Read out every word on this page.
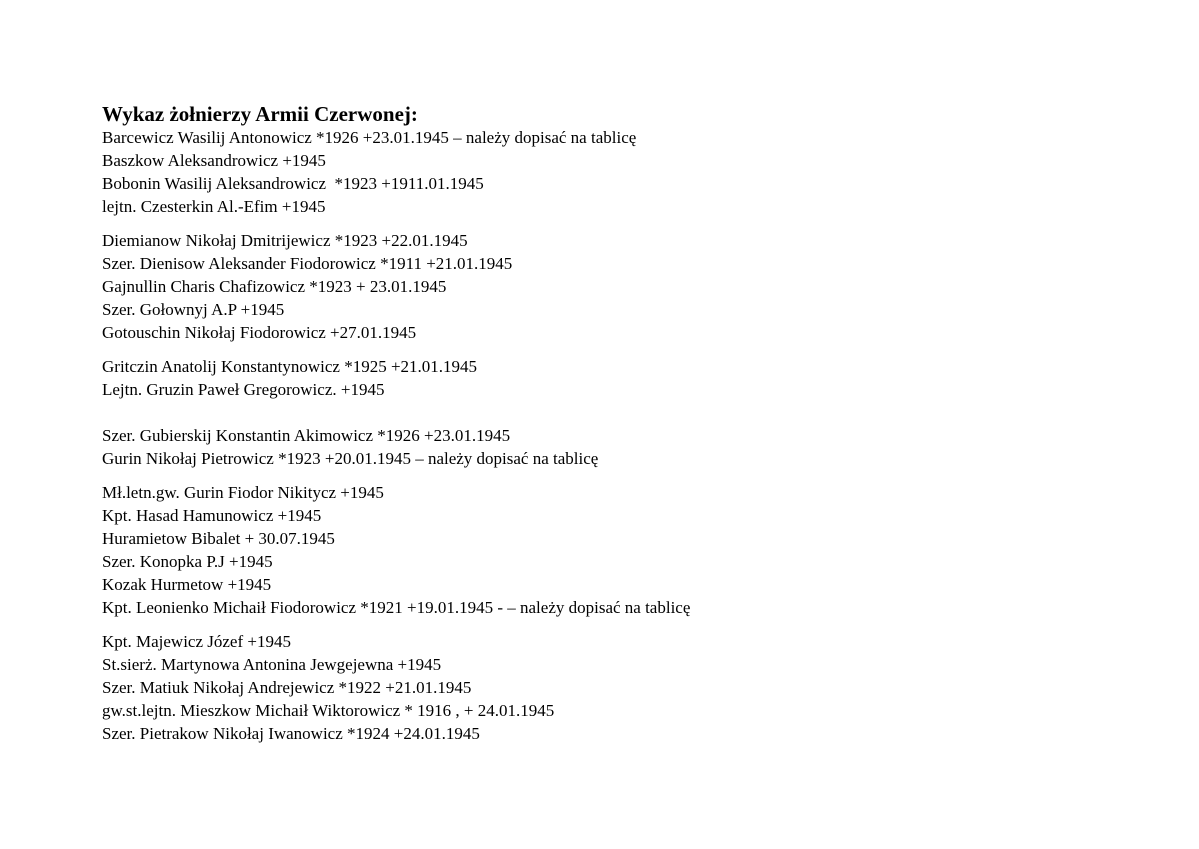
Wykaz żołnierzy Armii Czerwonej:
Barcewicz Wasilij Antonowicz *1926 +23.01.1945 – należy dopisać na tablicę
Baszkow Aleksandrowicz +1945
Bobonin Wasilij Aleksandrowicz  *1923 +1911.01.1945
lejtn. Czesterkin Al.-Efim +1945
Diemianow Nikołaj Dmitrijewicz *1923 +22.01.1945
Szer. Dienisow Aleksander Fiodorowicz *1911 +21.01.1945
Gajnullin Charis Chafizowicz *1923 + 23.01.1945
Szer. Gołownyj A.P +1945
Gotouschin Nikołaj Fiodorowicz +27.01.1945
Gritczin Anatolij Konstantynowicz *1925 +21.01.1945
Lejtn. Gruzin Paweł Gregorowicz. +1945
Szer. Gubierskij Konstantin Akimowicz *1926 +23.01.1945
Gurin Nikołaj Pietrowicz *1923 +20.01.1945 – należy dopisać na tablicę
Mł.letn.gw. Gurin Fiodor Nikitycz +1945
Kpt. Hasad Hamunowicz +1945
Huramietow Bibalet + 30.07.1945
Szer. Konopka P.J +1945
Kozak Hurmetow +1945
Kpt. Leonienko Michaił Fiodorowicz *1921 +19.01.1945 - – należy dopisać na tablicę
Kpt. Majewicz Józef +1945
St.sierż. Martynowa Antonina Jewgejewna +1945
Szer. Matiuk Nikołaj Andrejewicz *1922 +21.01.1945
gw.st.lejtn. Mieszkow Michaił Wiktorowicz * 1916 , + 24.01.1945
Szer. Pietrakow Nikołaj Iwanowicz *1924 +24.01.1945
